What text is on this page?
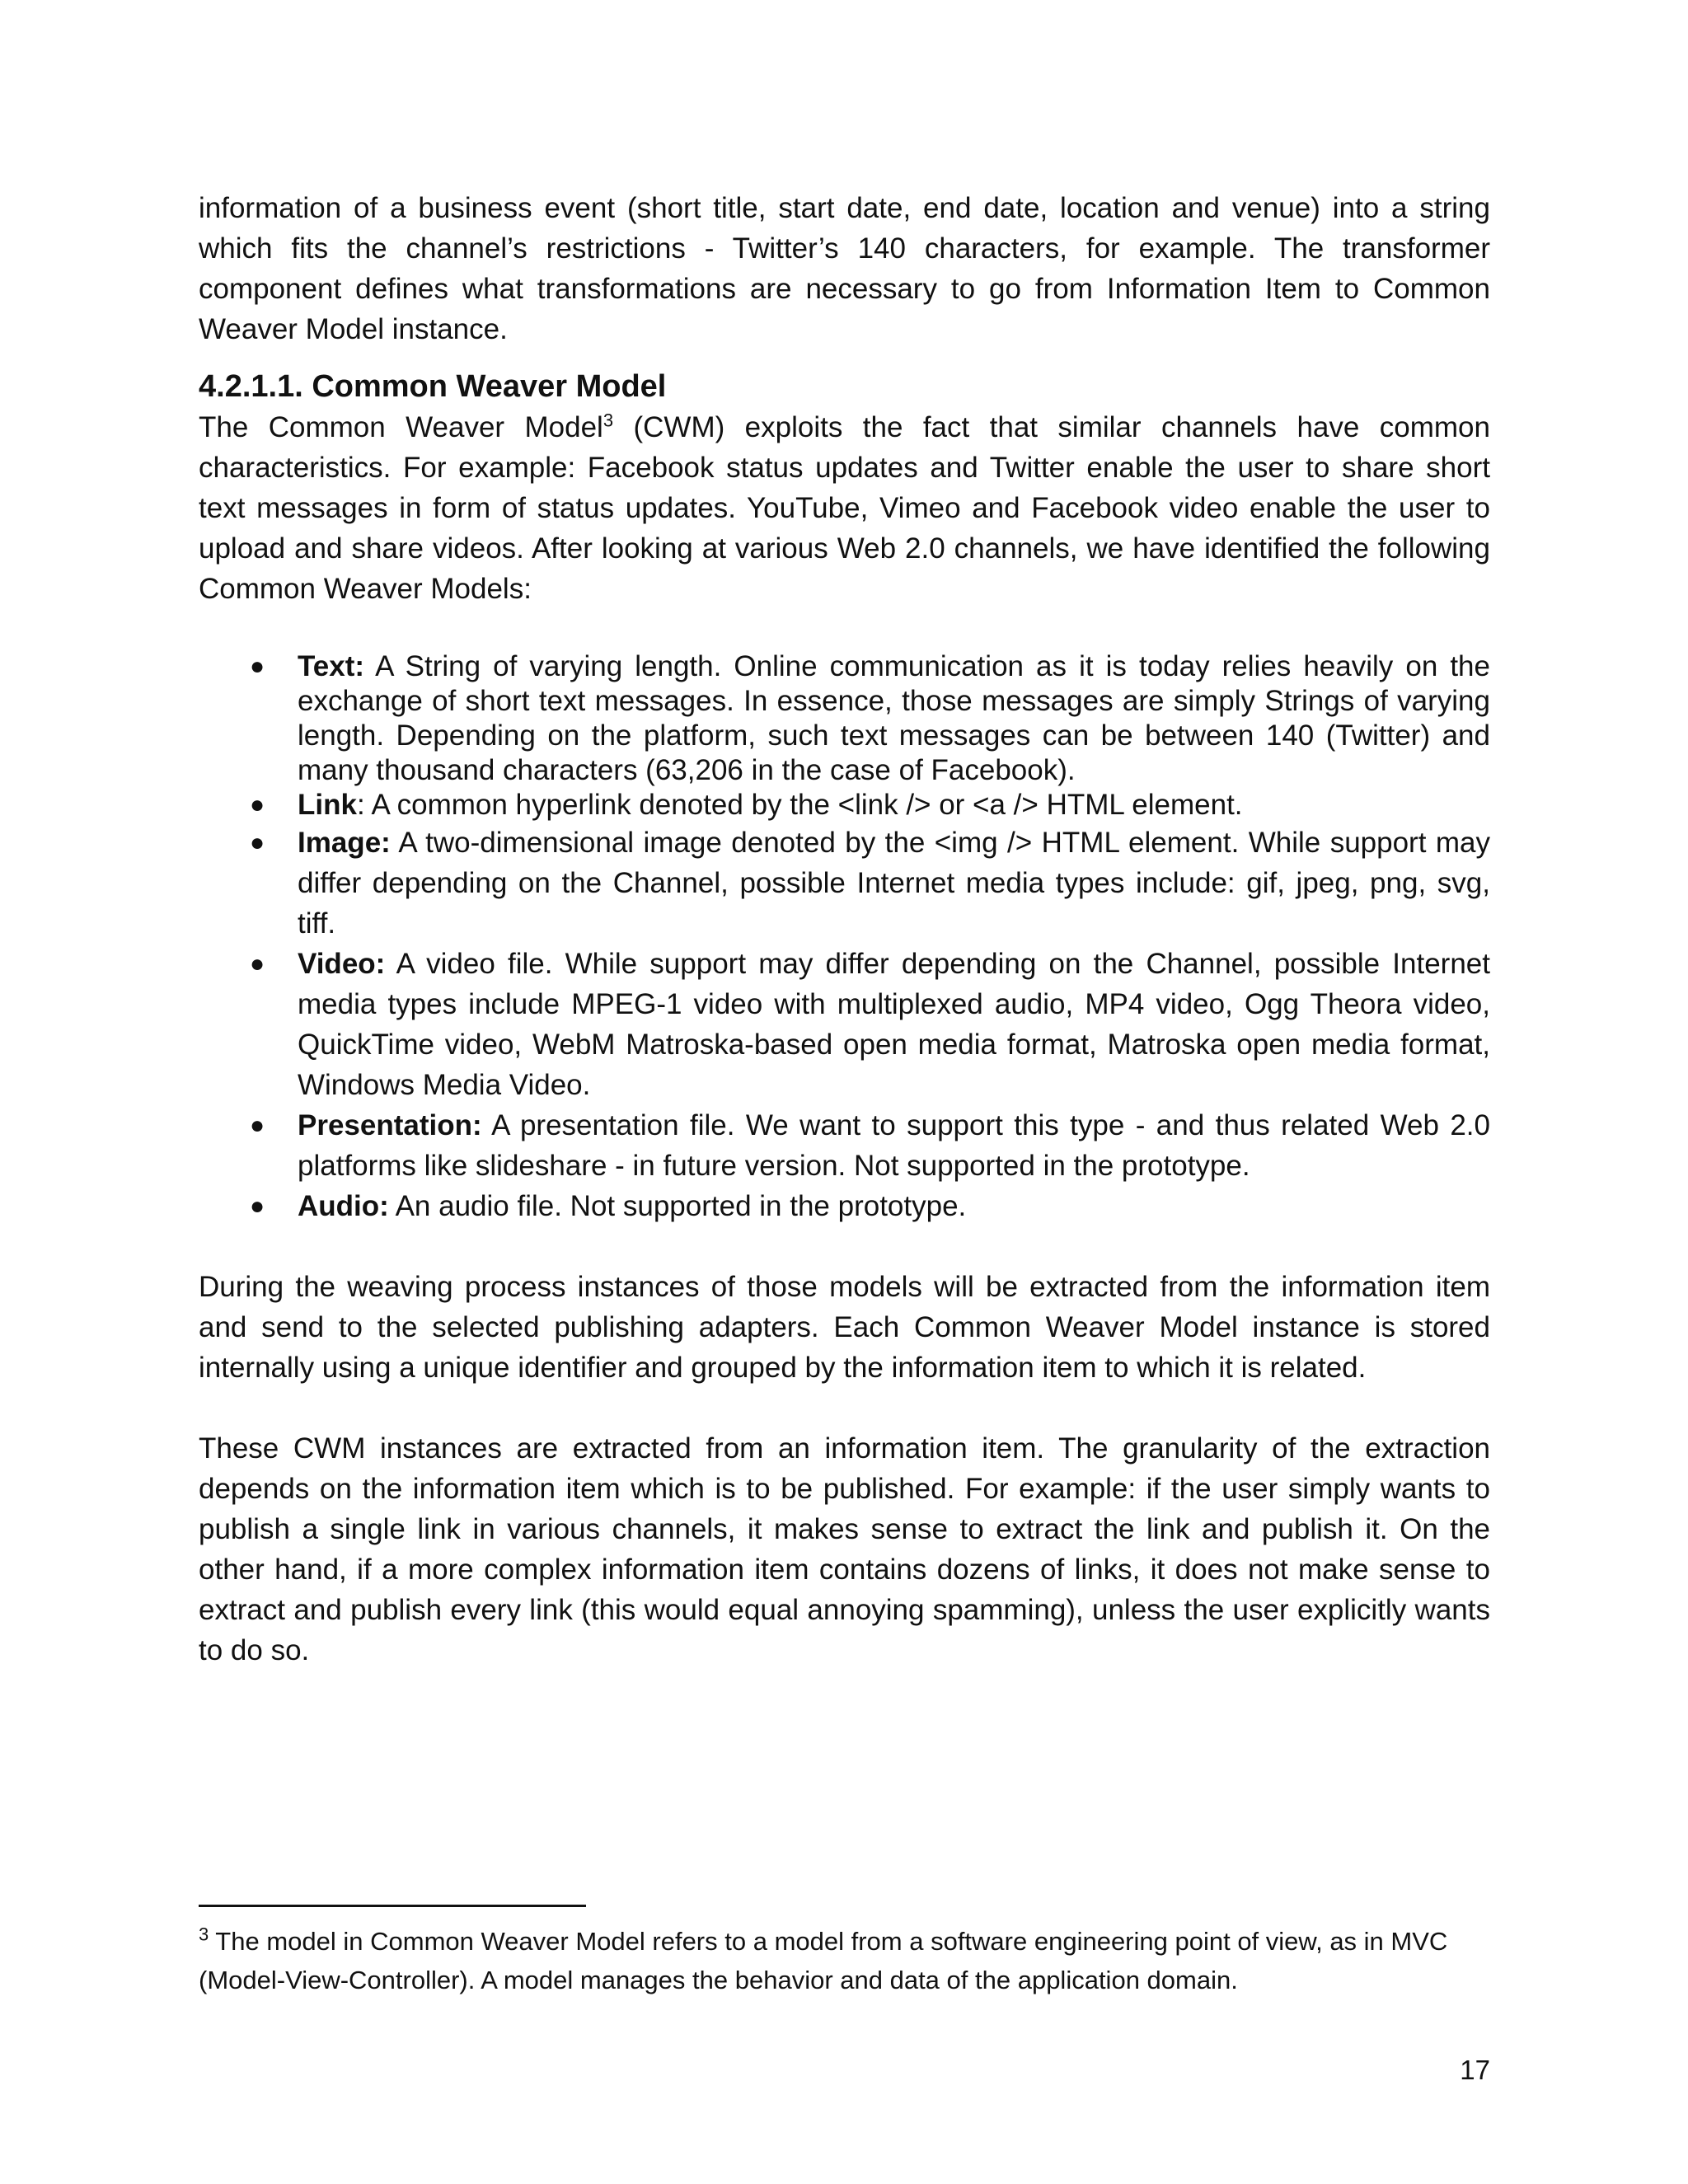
information of a business event (short title, start date, end date, location and venue) into a string which fits the channel’s restrictions - Twitter’s 140 characters, for example. The transformer component defines what transformations are necessary to go from Information Item to Common Weaver Model instance.

4.2.1.1. Common Weaver Model

The Common Weaver Model$^3$ (CWM) exploits the fact that similar channels have common characteristics. For example: Facebook status updates and Twitter enable the user to share short text messages in form of status updates. YouTube, Vimeo and Facebook video enable the user to upload and share videos. After looking at various Web 2.0 channels, we have identified the following Common Weaver Models:

● Text: A String of varying length. Online communication as it is today relies heavily on the exchange of short text messages. In essence, those messages are simply Strings of varying length. Depending on the platform, such text messages can be between 140 (Twitter) and many thousand characters (63,206 in the case of Facebook).
● Link: A common hyperlink denoted by the <link /> or <a /> HTML element.
● Image: A two-dimensional image denoted by the <img /> HTML element. While support may differ depending on the Channel, possible Internet media types include: gif, jpeg, png, svg, tiff.
● Video: A video file. While support may differ depending on the Channel, possible Internet media types include MPEG-1 video with multiplexed audio, MP4 video, Ogg Theora video, QuickTime video, WebM Matroska-based open media format, Matroska open media format, Windows Media Video.
● Presentation: A presentation file. We want to support this type - and thus related Web 2.0 platforms like slideshare - in future version. Not supported in the prototype.
● Audio: An audio file. Not supported in the prototype.

During the weaving process instances of those models will be extracted from the information item and send to the selected publishing adapters. Each Common Weaver Model instance is stored internally using a unique identifier and grouped by the information item to which it is related.

These CWM instances are extracted from an information item. The granularity of the extraction depends on the information item which is to be published. For example: if the user simply wants to publish a single link in various channels, it makes sense to extract the link and publish it. On the other hand, if a more complex information item contains dozens of links, it does not make sense to extract and publish every link (this would equal annoying spamming), unless the user explicitly wants to do so.

$^3$ The model in Common Weaver Model refers to a model from a software engineering point of view, as in MVC (Model-View-Controller). A model manages the behavior and data of the application domain.
17
